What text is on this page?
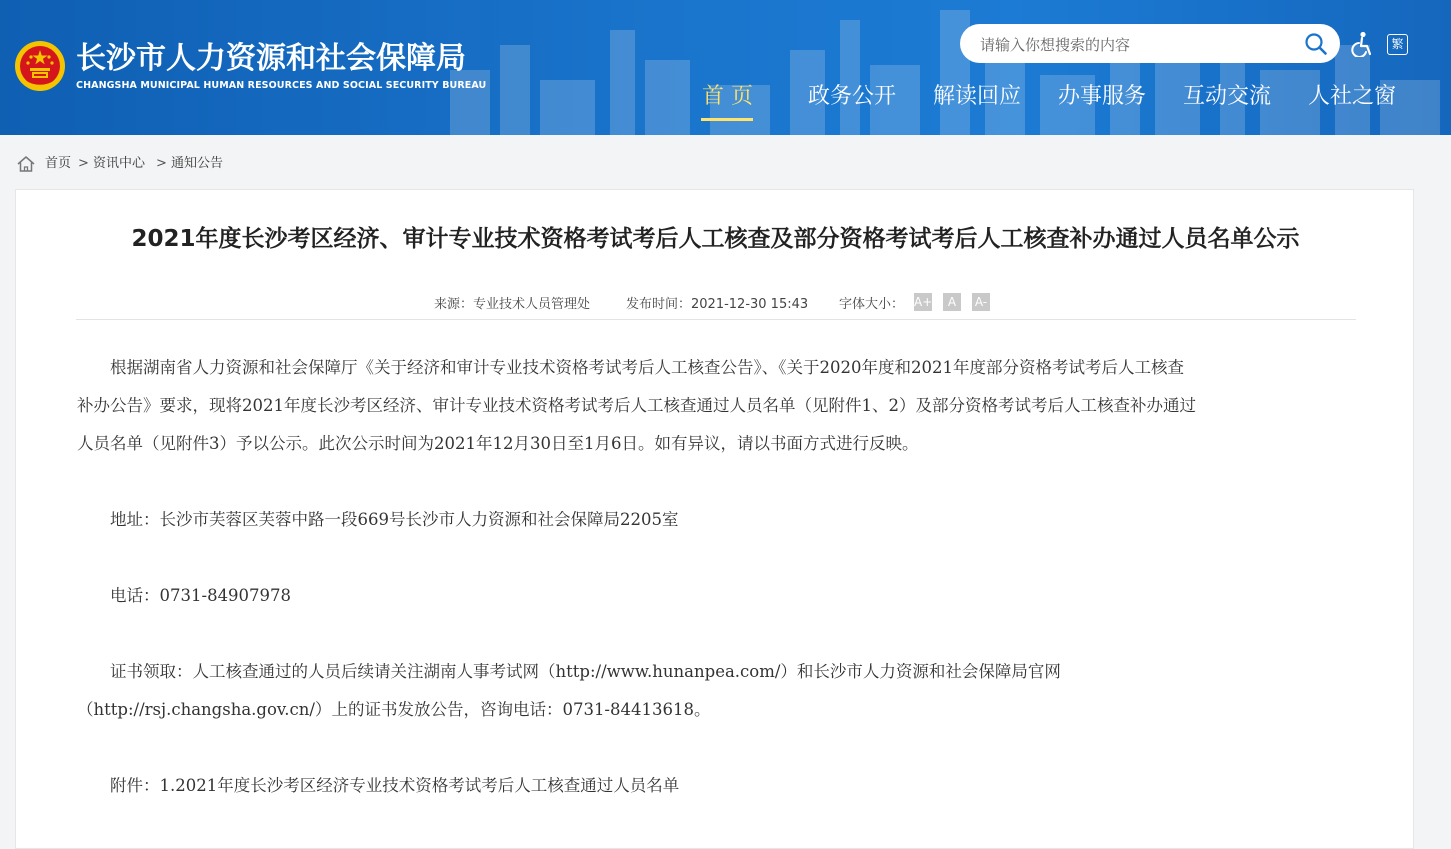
长沙市人力资源和社会保障局
CHANGSHA MUNICIPAL HUMAN RESOURCES AND SOCIAL SECURITY BUREAU
请输入你想搜索的内容
繁
首 页	政务公开 解读回应 办事服务 互动交流 人社之窗
首页 > 资讯中心 > 通知公告
2021年度长沙考区经济、审计专业技术资格考试考后人工核查及部分资格考试考后人工核查补办通过人员名单公示
来源：专业技术人员管理处	发布时间：2021-12-30 15:43 字体大小： A+	A	A-
　　根据湖南省人力资源和社会保障厅《关于经济和审计专业技术资格考试考后人工核查公告》、《关于2020年度和2021年度部分资格考试考后人工核查
补办公告》要求，现将2021年度长沙考区经济、审计专业技术资格考试考后人工核查通过人员名单（见附件1、2）及部分资格考试考后人工核查补办通过
人员名单（见附件3）予以公示。此次公示时间为2021年12月30日至1月6日。如有异议，请以书面方式进行反映。
　　地址：长沙市芙蓉区芙蓉中路一段669号长沙市人力资源和社会保障局2205室
　　电话：0731-84907978
　　证书领取：人工核查通过的人员后续请关注湖南人事考试网（http://www.hunanpea.com/）和长沙市人力资源和社会保障局官网
（http://rsj.changsha.gov.cn/）上的证书发放公告，咨询电话：0731-84413618。
　　附件：1.2021年度长沙考区经济专业技术资格考试考后人工核查通过人员名单
